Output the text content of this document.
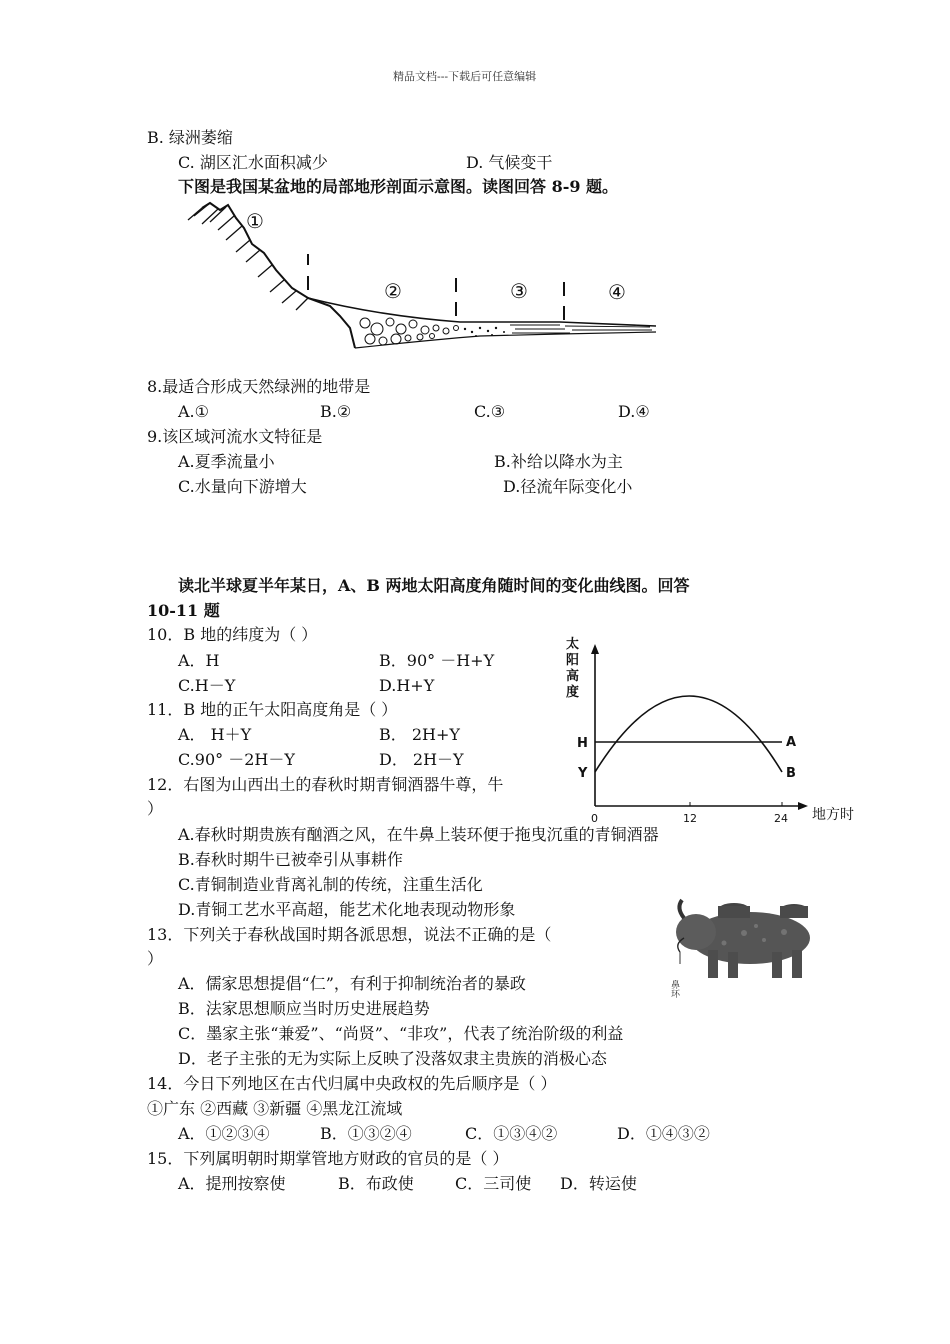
精品文档---下载后可任意编辑
B. 绿洲萎缩
C. 湖区汇水面积减少	D. 气候变干
下图是我国某盆地的局部地形剖面示意图。读图回答 8-9 题。
①
②	③	④
8.最适合形成天然绿洲的地带是
A.①	B.②	C.③	D.④
9.该区域河流水文特征是
A.夏季流量小	B.补给以降水为主
C.水量向下游增大	D.径流年际变化小
读北半球夏半年某日，A、B 两地太阳高度角随时间的变化曲线图。回答
10-11 题
10．B 地的纬度为（ ）
A．H	B．90° －H+Y
C.H－Y	D.H+Y
11．B 地的正午太阳高度角是（ ）
A． H＋Y	B． 2H+Y
C.90° －2H－Y	D． 2H－Y
太
阳
高
度
H
Y
0	12	24 地方时
A
B
12．右图为山西出土的春秋时期青铜酒器牛尊，牛
）
A.春秋时期贵族有酗酒之风，在牛鼻上装环便于拖曳沉重的青铜酒器
B.春秋时期牛已被牵引从事耕作
C.青铜制造业背离礼制的传统，注重生活化
D.青铜工艺水平高超，能艺术化地表现动物形象
鼻环
13．下列关于春秋战国时期各派思想，说法不正确的是（
）
A．儒家思想提倡“仁”，有利于抑制统治者的暴政
B．法家思想顺应当时历史进展趋势
C．墨家主张“兼爱”、“尚贤”、“非攻”，代表了统治阶级的利益
D．老子主张的无为实际上反映了没落奴隶主贵族的消极心态
14．今日下列地区在古代归属中央政权的先后顺序是（ ）
①广东 ②西藏 ③新疆 ④黑龙江流域
A．①②③④	B．①③②④	C．①③④②	D．①④③②
15．下列属明朝时期掌管地方财政的官员的是（ ）
A．提刑按察使	B．布政使	C．三司使 D．转运使
